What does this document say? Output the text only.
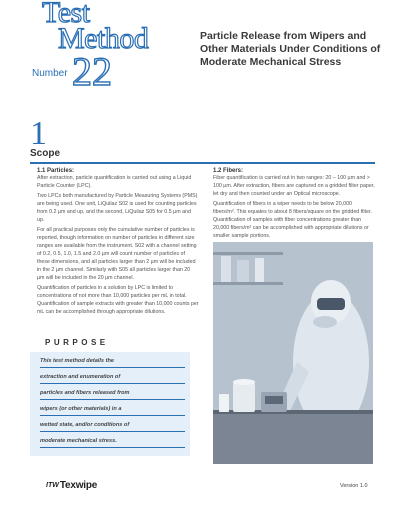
Test
Method
Number 22
Particle Release from Wipers and
Other Materials Under Conditions of
Moderate Mechanical Stress
1
Scope
1.1 Particles:

After extraction, particle quantification is carried out using a Liquid Particle Counter (LPC).

Two LPCs both manufactured by Particle Measuring Systems (PMS) are being used. One unit, LiQuilaz S02 is used for counting particles from 0.2 µm and up, and the second, LiQuilaz S05 for 0.5 µm and up.

For all practical purposes only the cumulative number of particles is reported, though information on number of particles in different size ranges are available from the instrument. S02 with a channel setting of 0.2, 0.5, 1.0, 1.5 and 2.0 µm will count number of particles of these dimensions, and all particles larger than 2 µm will be included in the 2 µm channel. Similarly with S05 all particles larger than 20 µm will be included in the 20 µm channel.

Quantification of particles in a solution by LPC is limited to concentrations of not more than 10,000 particles per mL in total. Quantification of sample extracts with greater than 10,000 counts per mL can be accomplished through appropriate dilutions.

1.2 Fibers:

Fiber quantification is carried out in two ranges: 20 – 100 µm and > 100 µm. After extraction, fibers are captured on a gridded filter paper, let dry and then counted under an Optical microscope.

Quantification of fibers in a wiper needs to be below 20,000 fibers/m². This equates to about 8 fibers/square on the gridded filter. Quantification of samples with fiber concentrations greater than 20,000 fibers/m² can be accomplished with appropriate dilutions or smaller sample portions.

PURPOSE
This test method details the
extraction and enumeration of
particles and fibers released from
wipers (or other materials) in a
wetted state, and/or conditions of
moderate mechanical stress.
ITW Texwipe	Version 1.0
